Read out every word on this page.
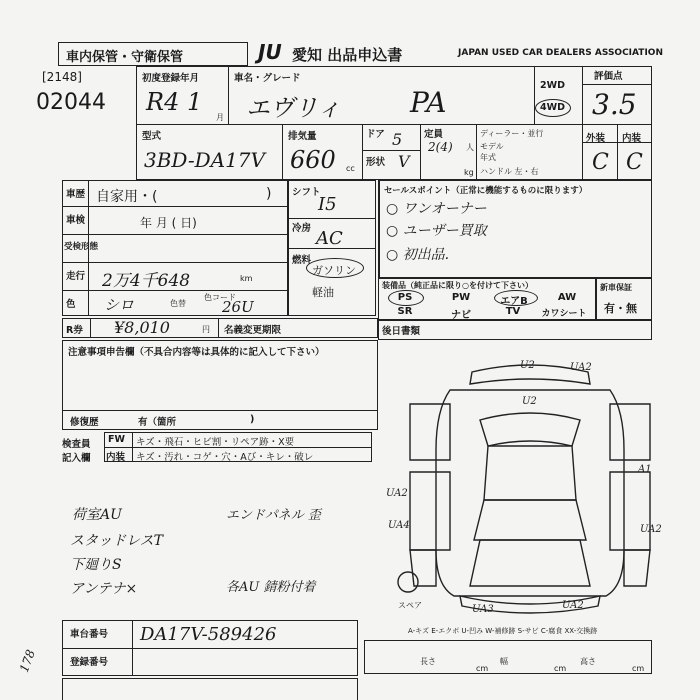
車内保管・守衛保管	JU 愛知 出品申込書	JAPAN USED CAR DEALERS ASSOCIATION
[2148]
02044
初度登録年月
R4 1
月
車名・グレード
エヴリィ PA
2WD
4WD
評価点
3.5
外装 内装
C C
型式
3BD-DA17V
排気量
660 cc
ドア 5
形状 V
定員
2(4) 人
kg
ディーラー・並行
モデル
年式
ハンドル 左・右
車歴 自家用・(	)
車検	年 月 ( 日)
受検形態
走行 2万4千648	km
色 シロ	色替
色コード
26U
シフト
I5
冷房 AC
燃料
ガソリン
軽油
セールスポイント（正常に機能するものに限ります）
○ ワンオーナー
○ ユーザー買取
○ 初出品.
装備品（純正品に限り○を付けて下さい）
PS	PW	エアB	AW
SR	ナビ	TV	カワシート
新車保証
有・無
R券 ¥8,010	円 名義変更期限	後日書類
注意事項申告欄（不具合内容等は具体的に記入して下さい）
修復歴	有（箇所	)
検査員
記入欄
FW キズ・飛石・ヒビ割・リペア跡・X要
内装 キズ・汚れ・コゲ・穴・Aび・キレ・破レ
荷室AU	エンドパネル 歪
スタッドレスT
下廻りS
アンテナ×	各AU 錆粉付着
U2
U2
UA2
A1
UA2
UA2
UA4
UA2
UA3
スペア
A-キズ E-エクボ U-凹み W-補修跡 S-サビ C-腐食 XX-交換跡
車台番号 DA17V-589426
登録番号	長さ	幅	高さ
cm	cm	cm
178
